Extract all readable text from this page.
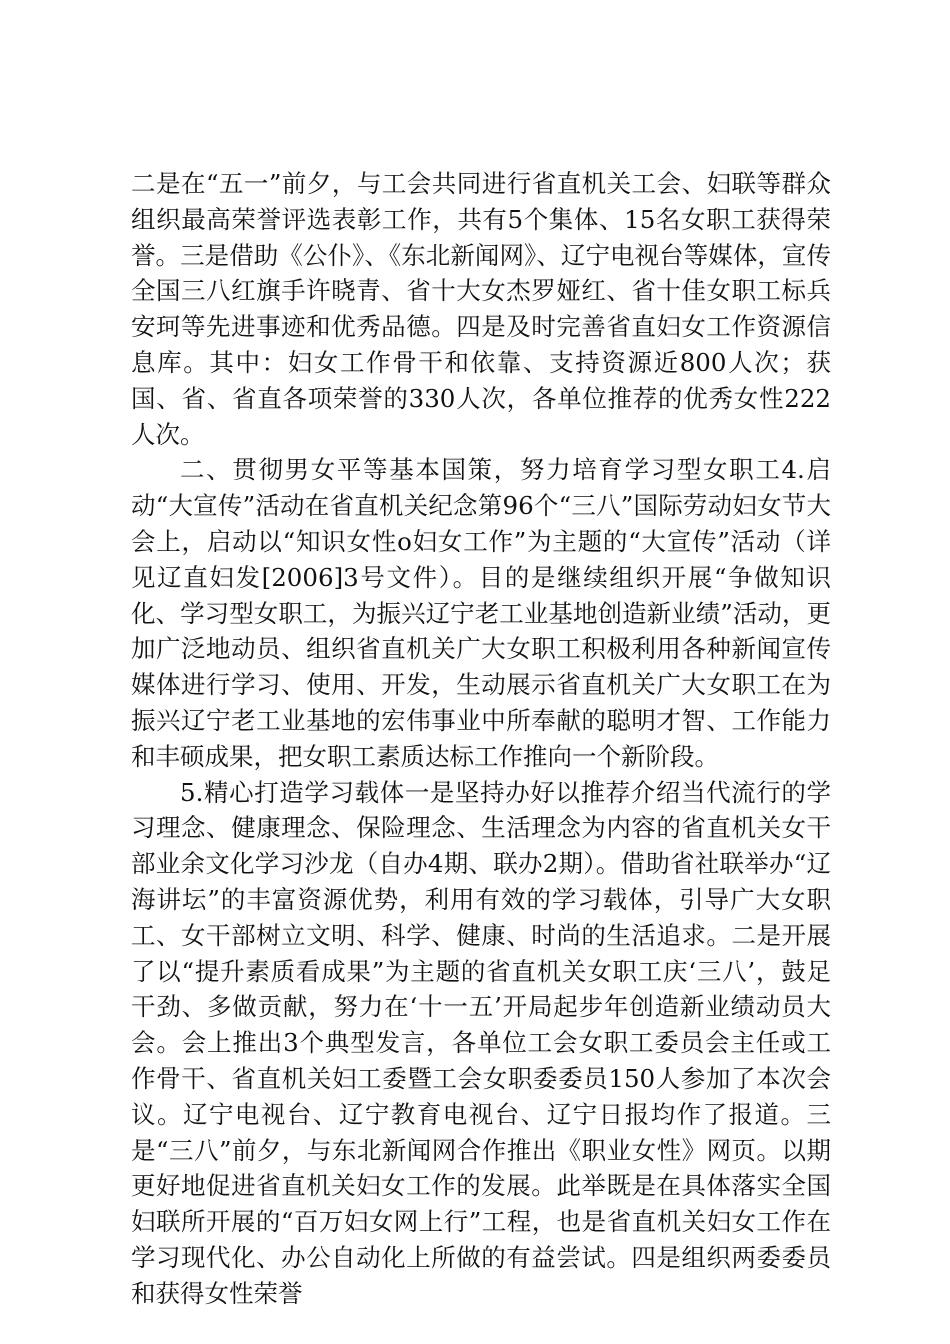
二是在“五一”前夕，与工会共同进行省直机关工会、妇联等群众组织最高荣誉评选表彰工作，共有5个集体、15名女职工获得荣誉。三是借助《公仆》、《东北新闻网》、辽宁电视台等媒体，宣传全国三八红旗手许晓青、省十大女杰罗娅红、省十佳女职工标兵安珂等先进事迹和优秀品德。四是及时完善省直妇女工作资源信息库。其中：妇女工作骨干和依靠、支持资源近800人次；获国、省、省直各项荣誉的330人次，各单位推荐的优秀女性222人次。

二、贯彻男女平等基本国策，努力培育学习型女职工4.启动“大宣传”活动在省直机关纪念第96个“三八”国际劳动妇女节大会上，启动以“知识女性o妇女工作”为主题的“大宣传”活动（详见辽直妇发[2006]3号文件）。目的是继续组织开展“争做知识化、学习型女职工，为振兴辽宁老工业基地创造新业绩”活动，更加广泛地动员、组织省直机关广大女职工积极利用各种新闻宣传媒体进行学习、使用、开发，生动展示省直机关广大女职工在为振兴辽宁老工业基地的宏伟事业中所奉献的聪明才智、工作能力和丰硕成果，把女职工素质达标工作推向一个新阶段。

5.精心打造学习载体一是坚持办好以推荐介绍当代流行的学习理念、健康理念、保险理念、生活理念为内容的省直机关女干部业余文化学习沙龙（自办4期、联办2期）。借助省社联举办“辽海讲坛”的丰富资源优势，利用有效的学习载体，引导广大女职工、女干部树立文明、科学、健康、时尚的生活追求。二是开展了以“提升素质看成果”为主题的省直机关女职工庆‘三八’，鼓足干劲、多做贡献，努力在‘十一五’开局起步年创造新业绩动员大会。会上推出3个典型发言，各单位工会女职工委员会主任或工作骨干、省直机关妇工委暨工会女职委委员150人参加了本次会议。辽宁电视台、辽宁教育电视台、辽宁日报均作了报道。三是“三八”前夕，与东北新闻网合作推出《职业女性》网页。以期更好地促进省直机关妇女工作的发展。此举既是在具体落实全国妇联所开展的“百万妇女网上行”工程，也是省直机关妇女工作在学习现代化、办公自动化上所做的有益尝试。四是组织两委委员和获得女性荣誉
